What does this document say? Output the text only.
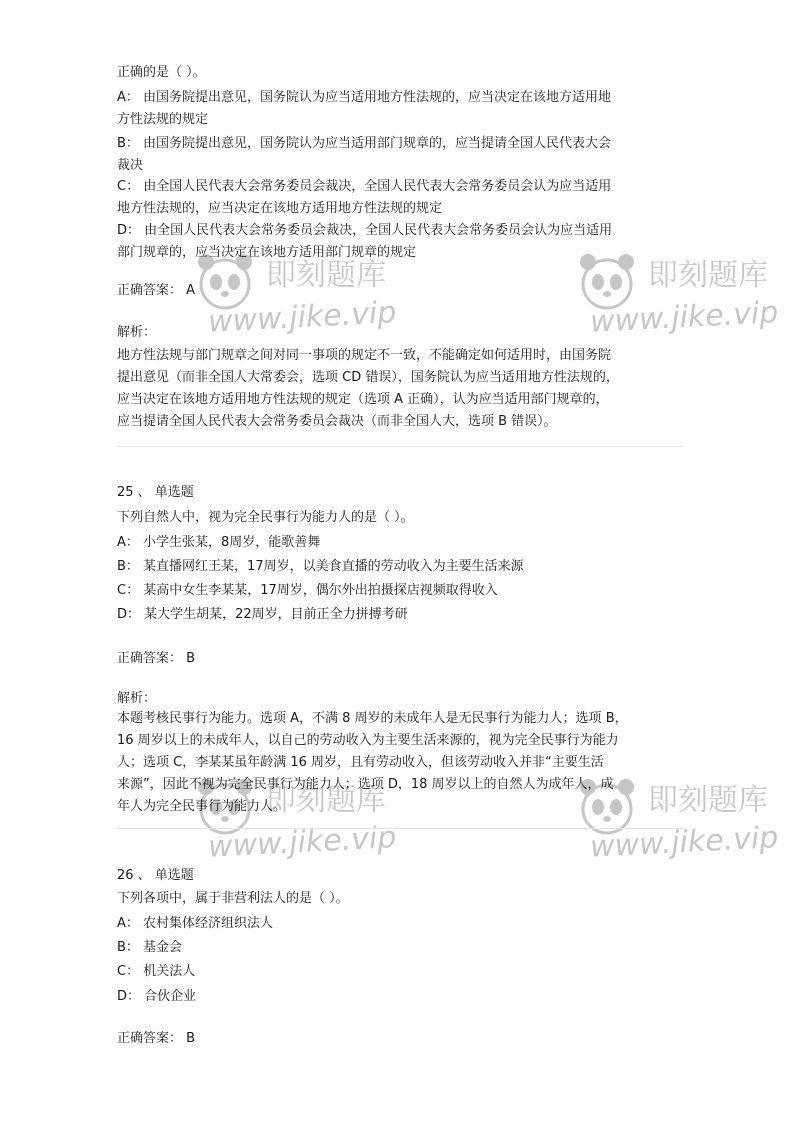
即刻题库
www.jike.vip
即刻题库
www.jike.vip
即刻题库
www.jike.vip
即刻题库
www.jike.vip
正确的是（ ）。
A： 由国务院提出意见，国务院认为应当适用地方性法规的，应当决定在该地方适用地
方性法规的规定
B： 由国务院提出意见，国务院认为应当适用部门规章的，应当提请全国人民代表大会
裁决
C： 由全国人民代表大会常务委员会裁决，全国人民代表大会常务委员会认为应当适用
地方性法规的，应当决定在该地方适用地方性法规的规定
D： 由全国人民代表大会常务委员会裁决，全国人民代表大会常务委员会认为应当适用
部门规章的，应当决定在该地方适用部门规章的规定
正确答案： A
解析：
地方性法规与部门规章之间对同一事项的规定不一致，不能确定如何适用时，由国务院
提出意见（而非全国人大常委会，选项 CD 错误），国务院认为应当适用地方性法规的，
应当决定在该地方适用地方性法规的规定（选项 A 正确），认为应当适用部门规章的，
应当提请全国人民代表大会常务委员会裁决（而非全国人大，选项 B 错误）。
25 、 单选题
下列自然人中，视为完全民事行为能力人的是（ ）。
A： 小学生张某，8周岁，能歌善舞
B： 某直播网红王某，17周岁，以美食直播的劳动收入为主要生活来源
C： 某高中女生李某某，17周岁，偶尔外出拍摄探店视频取得收入
D： 某大学生胡某，22周岁，目前正全力拼搏考研
正确答案： B
解析：
本题考核民事行为能力。选项 A，不满 8 周岁的未成年人是无民事行为能力人；选项 B，
16 周岁以上的未成年人，以自己的劳动收入为主要生活来源的，视为完全民事行为能力
人；选项 C，李某某虽年龄满 16 周岁，且有劳动收入，但该劳动收入并非“主要生活
来源”，因此不视为完全民事行为能力人；选项 D，18 周岁以上的自然人为成年人，成
年人为完全民事行为能力人。
26 、 单选题
下列各项中，属于非营利法人的是（ ）。
A： 农村集体经济组织法人
B： 基金会
C： 机关法人
D： 合伙企业
正确答案： B
